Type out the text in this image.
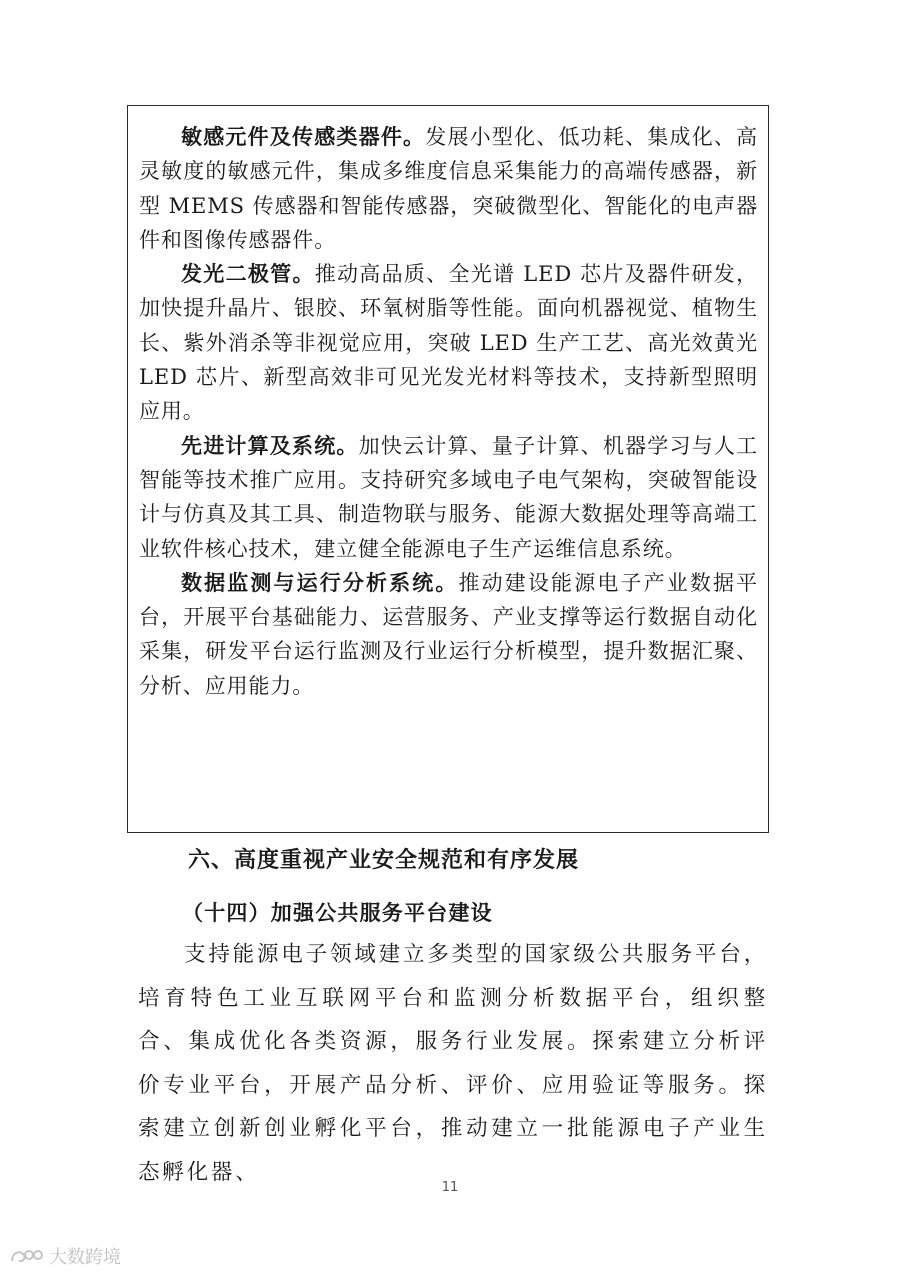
敏感元件及传感类器件。发展小型化、低功耗、集成化、高灵敏度的敏感元件，集成多维度信息采集能力的高端传感器，新型 MEMS 传感器和智能传感器，突破微型化、智能化的电声器件和图像传感器件。

发光二极管。推动高品质、全光谱 LED 芯片及器件研发，加快提升晶片、银胶、环氧树脂等性能。面向机器视觉、植物生长、紫外消杀等非视觉应用，突破 LED 生产工艺、高光效黄光 LED 芯片、新型高效非可见光发光材料等技术，支持新型照明应用。

先进计算及系统。加快云计算、量子计算、机器学习与人工智能等技术推广应用。支持研究多域电子电气架构，突破智能设计与仿真及其工具、制造物联与服务、能源大数据处理等高端工业软件核心技术，建立健全能源电子生产运维信息系统。

数据监测与运行分析系统。推动建设能源电子产业数据平台，开展平台基础能力、运营服务、产业支撑等运行数据自动化采集，研发平台运行监测及行业运行分析模型，提升数据汇聚、分析、应用能力。

六、高度重视产业安全规范和有序发展
（十四）加强公共服务平台建设

支持能源电子领域建立多类型的国家级公共服务平台，培育特色工业互联网平台和监测分析数据平台，组织整合、集成优化各类资源，服务行业发展。探索建立分析评价专业平台，开展产品分析、评价、应用验证等服务。探索建立创新创业孵化平台，推动建立一批能源电子产业生态孵化器、

11
大数跨境
